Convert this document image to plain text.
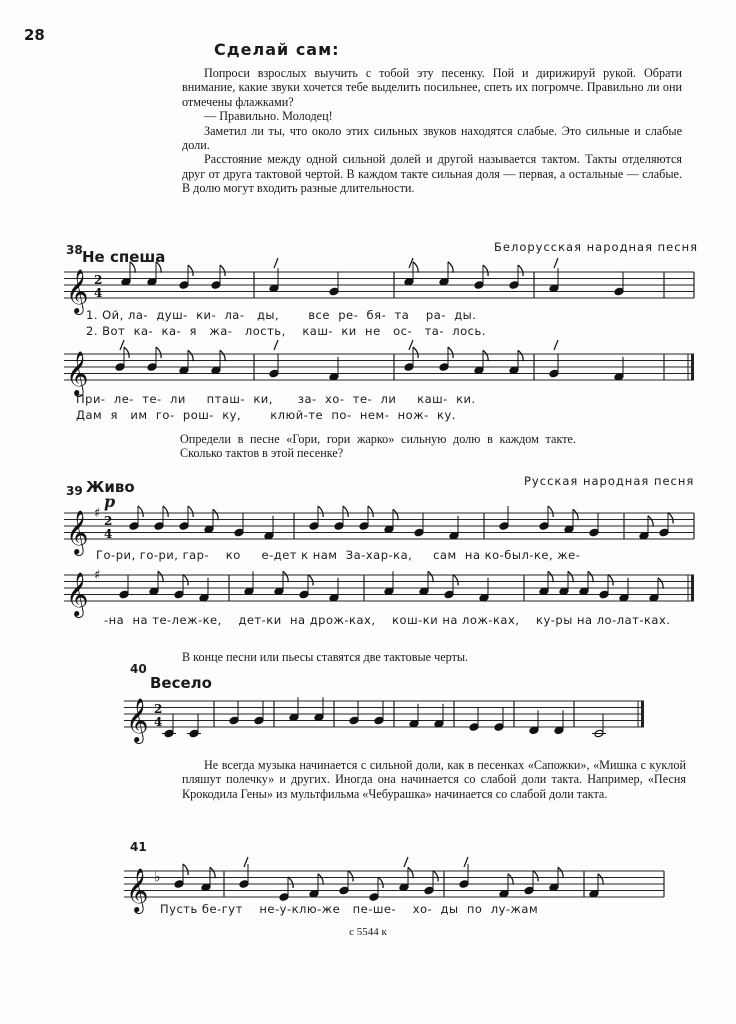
28
Сделай сам:
Попроси взрослых выучить с тобой эту песенку. Пой и дирижируй рукой. Обрати внимание, какие звуки хочется тебе выделить посильнее, спеть их погромче. Правильно ли они отмечены флажками?
— Правильно. Молодец!
Заметил ли ты, что около этих сильных звуков находятся слабые. Это сильные и слабые доли.
Расстояние между одной сильной долей и другой называется тактом. Такты отделяются друг от друга тактовой чертой. В каждом такте сильная доля — первая, а остальные — слабые. В долю могут входить разные длительности.
38 Не спеша
Белорусская народная песня
𝄞 2
4
1. Ой, ла-  душ-  ки-  ла-   ды,       все  ре-  бя-  та    ра-  ды.
2. Вот  ка-  ка-  я   жа-   лость,    каш-  ки  не   ос-   та-  лось.
𝄞
При-  ле-  те-  ли     пташ-  ки,      за-  хо-  те-  ли     каш-  ки.
Дам  я   им  го-  рош-  ку,       клюй-те  по-  нем-  нож-  ку.
Определи в песне «Гори, гори жарко» сильную долю в каждом такте. Сколько тактов в этой песенке?
39 Живо	Русская народная песня
p
𝄞 ♯ 2
4
Го-ри, го-ри, гар-    ко     е-дет к нам  За-хар-ка,     сам  на ко-был-ке, же-
𝄞 ♯
-на  на те-леж-ке,    дет-ки  на дрож-ках,    кош-ки на лож-ках,    ку-ры на ло-лат-ках.
В конце песни или пьесы ставятся две тактовые черты.
40
Весело
𝄞 2
4
Не всегда музыка начинается с сильной доли, как в песенках «Сапожки», «Мишка с куклой пляшут полечку» и других. Иногда она начинается со слабой доли такта. Например, «Песня Крокодила Гены» из мультфильма «Чебурашка» начинается со слабой доли такта.
41
𝄞 ♭
Пусть бе-гут    не-у-клю-же   пе-ше-    хо-  ды  по  лу-жам
с 5544 к
